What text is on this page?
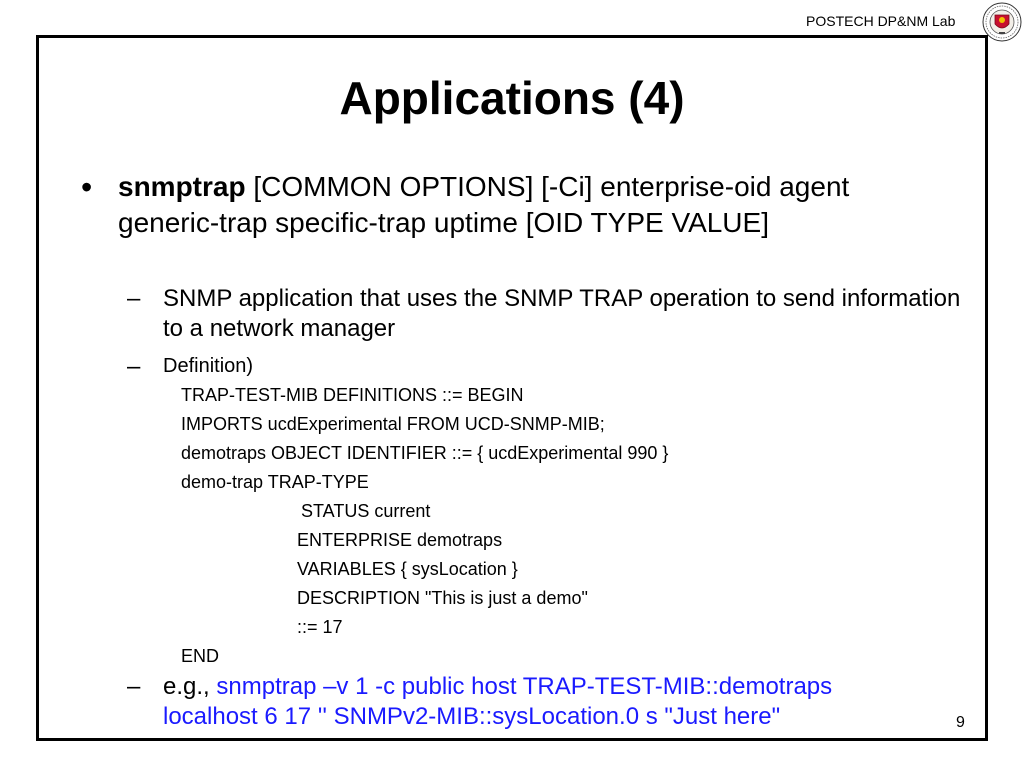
POSTECH DP&NM Lab
Applications (4)
• snmptrap [COMMON OPTIONS] [-Ci] enterprise-oid agent generic-trap specific-trap uptime [OID TYPE VALUE]
– SNMP application that uses the SNMP TRAP operation to send information to a network manager
– Definition)
TRAP-TEST-MIB DEFINITIONS ::= BEGIN
IMPORTS ucdExperimental FROM UCD-SNMP-MIB;
demotraps OBJECT IDENTIFIER ::= { ucdExperimental 990 }
demo-trap TRAP-TYPE
STATUS current
ENTERPRISE demotraps
VARIABLES { sysLocation }
DESCRIPTION "This is just a demo"
::= 17
END
– e.g., snmptrap –v 1 -c public host TRAP-TEST-MIB::demotraps localhost 6 17 '' SNMPv2-MIB::sysLocation.0 s "Just here"	9
